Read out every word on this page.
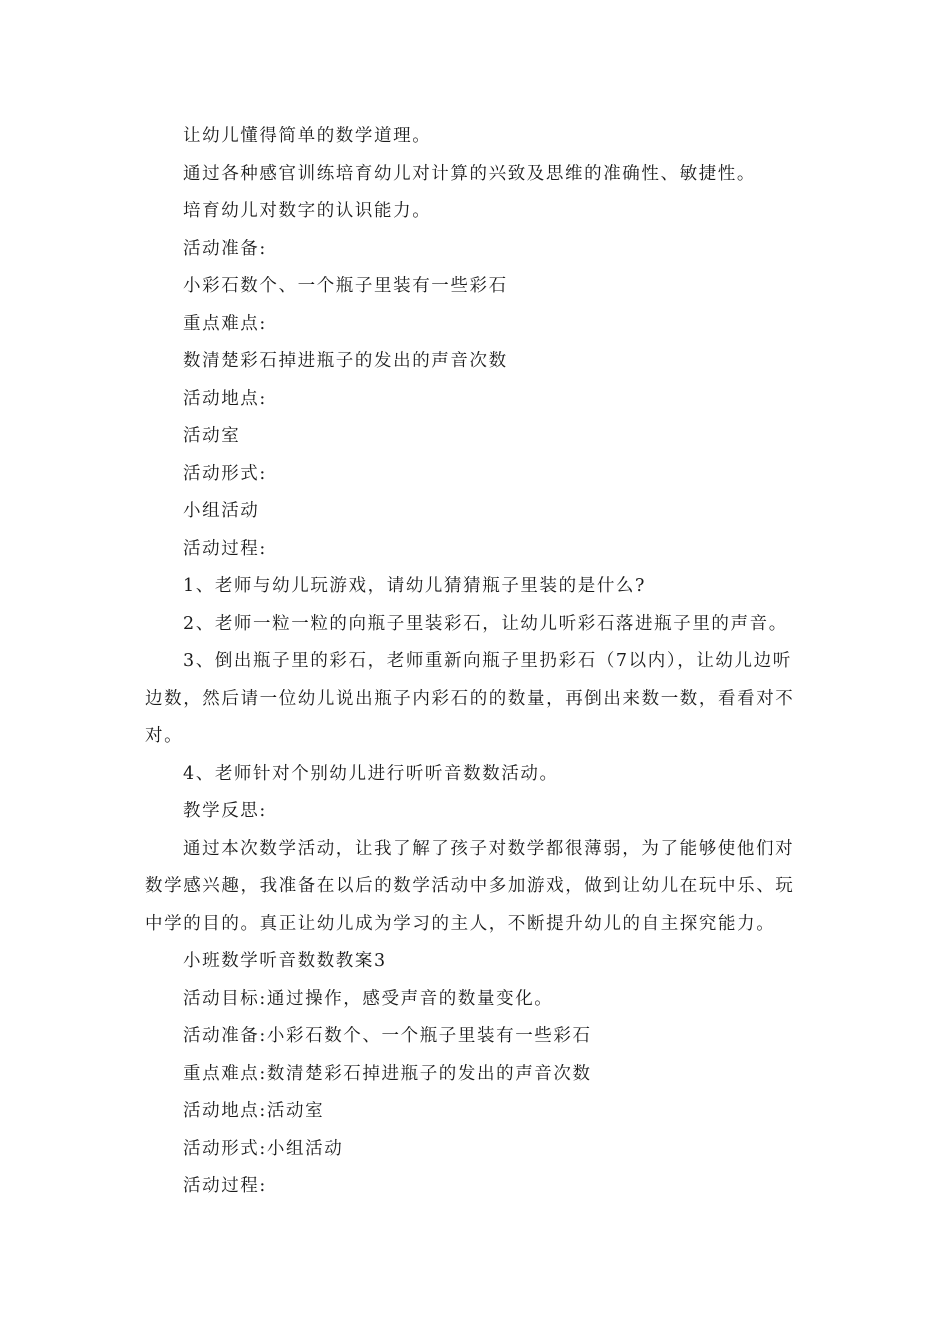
让幼儿懂得简单的数学道理。

通过各种感官训练培育幼儿对计算的兴致及思维的准确性、敏捷性。

培育幼儿对数字的认识能力。

活动准备:

小彩石数个、一个瓶子里装有一些彩石

重点难点:

数清楚彩石掉进瓶子的发出的声音次数

活动地点:

活动室

活动形式:

小组活动

活动过程:

1、老师与幼儿玩游戏，请幼儿猜猜瓶子里装的是什么?

2、老师一粒一粒的向瓶子里装彩石，让幼儿听彩石落进瓶子里的声音。

3、倒出瓶子里的彩石，老师重新向瓶子里扔彩石（7以内），让幼儿边听边数，然后请一位幼儿说出瓶子内彩石的的数量，再倒出来数一数，看看对不对。

4、老师针对个别幼儿进行听听音数数活动。

教学反思:

通过本次数学活动，让我了解了孩子对数学都很薄弱，为了能够使他们对数学感兴趣，我准备在以后的数学活动中多加游戏，做到让幼儿在玩中乐、玩中学的目的。真正让幼儿成为学习的主人，不断提升幼儿的自主探究能力。

小班数学听音数数教案3

活动目标:通过操作，感受声音的数量变化。

活动准备:小彩石数个、一个瓶子里装有一些彩石

重点难点:数清楚彩石掉进瓶子的发出的声音次数

活动地点:活动室

活动形式:小组活动

活动过程:
